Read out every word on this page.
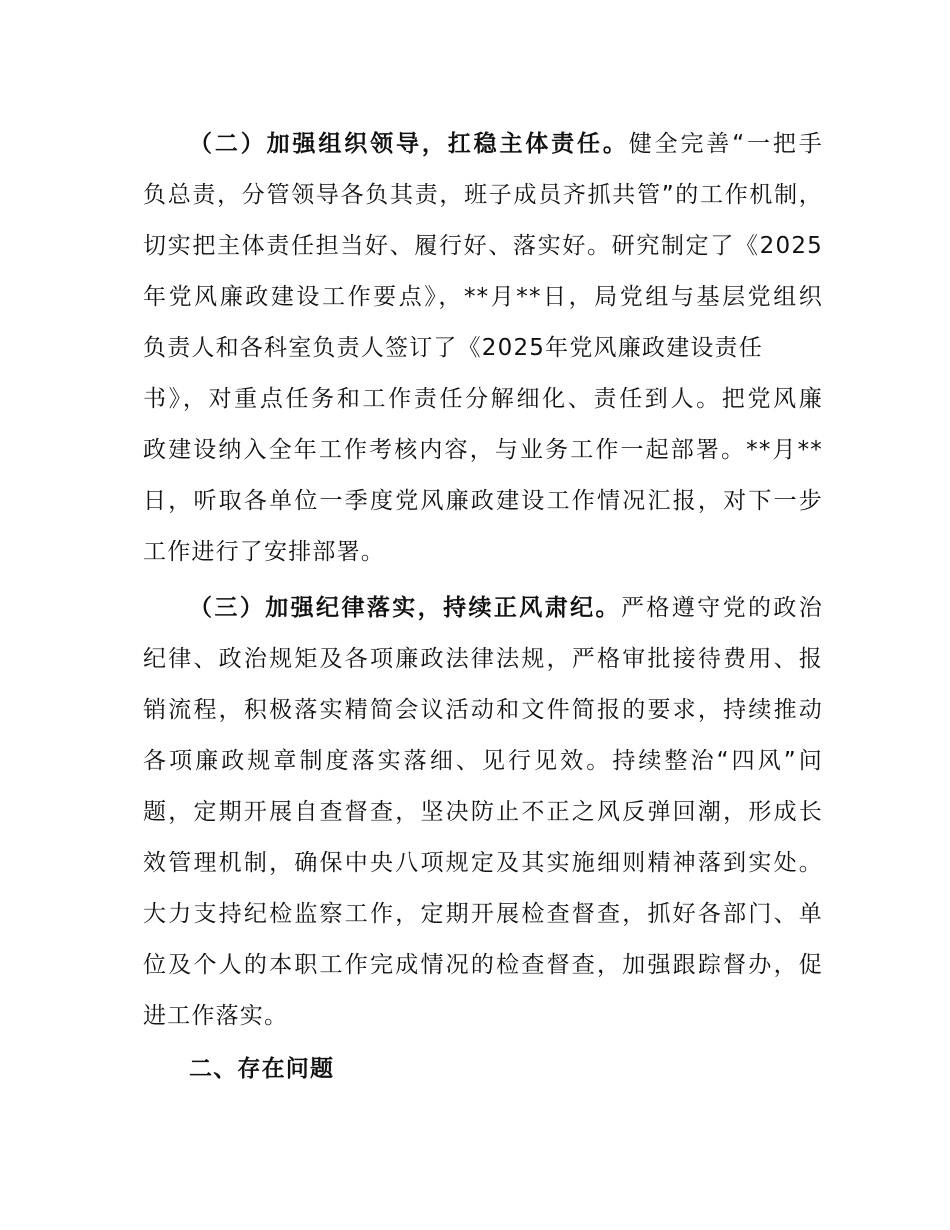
（二）加强组织领导，扛稳主体责任。健全完善“一把手
负总责，分管领导各负其责，班子成员齐抓共管”的工作机制，
切实把主体责任担当好、履行好、落实好。研究制定了《2025
年党风廉政建设工作要点》，**月**日，局党组与基层党组织
负责人和各科室负责人签订了《2025年党风廉政建设责任
书》，对重点任务和工作责任分解细化、责任到人。把党风廉
政建设纳入全年工作考核内容，与业务工作一起部署。**月**
日，听取各单位一季度党风廉政建设工作情况汇报，对下一步
工作进行了安排部署。
（三）加强纪律落实，持续正风肃纪。严格遵守党的政治
纪律、政治规矩及各项廉政法律法规，严格审批接待费用、报
销流程，积极落实精简会议活动和文件简报的要求，持续推动
各项廉政规章制度落实落细、见行见效。持续整治“四风”问
题，定期开展自查督查，坚决防止不正之风反弹回潮，形成长
效管理机制，确保中央八项规定及其实施细则精神落到实处。
大力支持纪检监察工作，定期开展检查督查，抓好各部门、单
位及个人的本职工作完成情况的检查督查，加强跟踪督办，促
进工作落实。
二、存在问题
